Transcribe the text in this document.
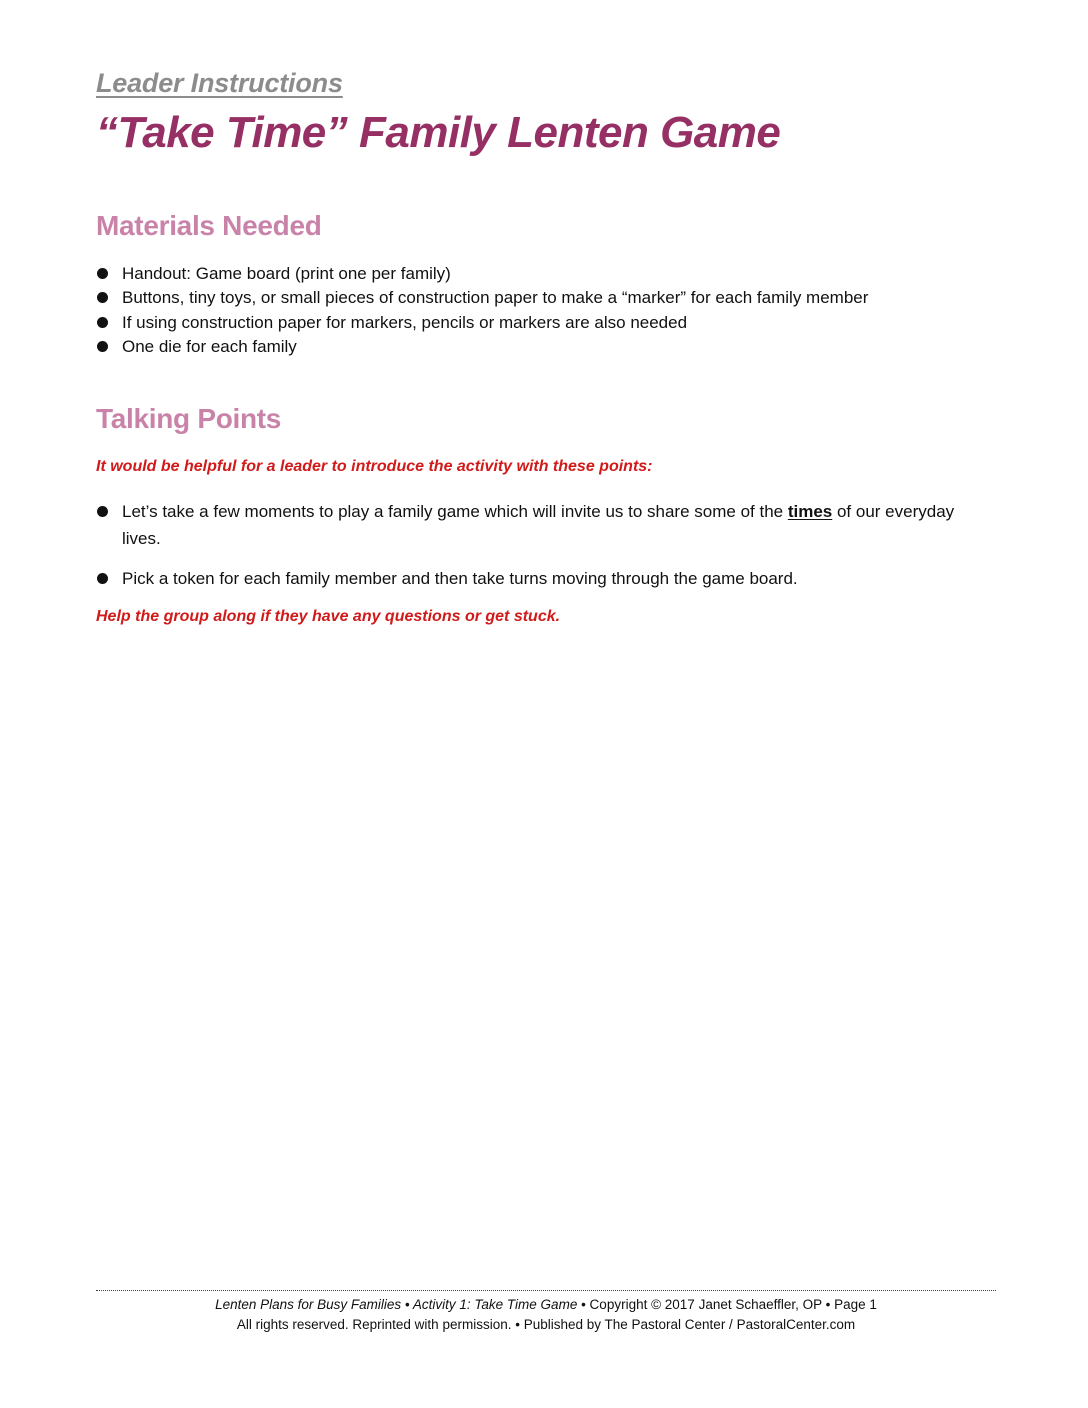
Leader Instructions
“Take Time” Family Lenten Game
Materials Needed
Handout: Game board (print one per family)
Buttons, tiny toys, or small pieces of construction paper to make a “marker” for each family member
If using construction paper for markers, pencils or markers are also needed
One die for each family
Talking Points
It would be helpful for a leader to introduce the activity with these points:
Let’s take a few moments to play a family game which will invite us to share some of the times of our everyday lives.
Pick a token for each family member and then take turns moving through the game board.
Help the group along if they have any questions or get stuck.
Lenten Plans for Busy Families • Activity 1: Take Time Game • Copyright © 2017 Janet Schaeffler, OP • Page 1
All rights reserved. Reprinted with permission. • Published by The Pastoral Center / PastoralCenter.com
